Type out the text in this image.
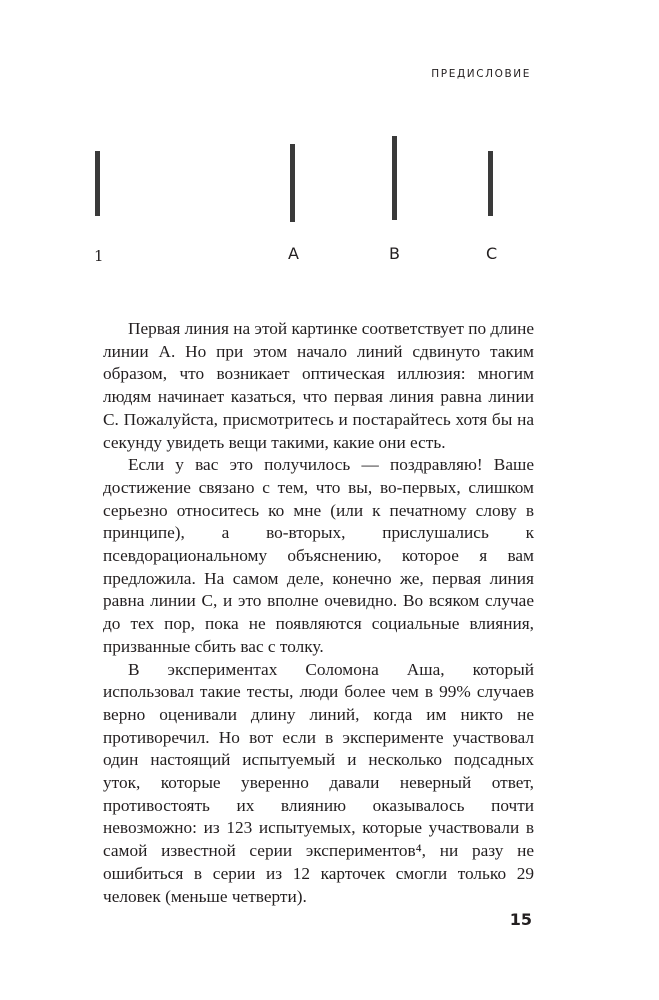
ПРЕДИСЛОВИЕ
1	A	B	C

Первая линия на этой картинке соответствует по длине линии А. Но при этом начало линий сдвинуто таким образом, что возникает оптическая иллюзия: многим людям начинает казаться, что первая линия равна линии С. Пожалуйста, присмотритесь и постарайтесь хотя бы на секунду увидеть вещи такими, какие они есть.

Если у вас это получилось — поздравляю! Ваше достижение связано с тем, что вы, во-первых, слишком серьезно относитесь ко мне (или к печатному слову в принципе), а во-вторых, прислушались к псевдорациональному объяснению, которое я вам предложила. На самом деле, конечно же, первая линия равна линии С, и это вполне очевидно. Во всяком случае до тех пор, пока не появляются социальные влияния, призванные сбить вас с толку.

В экспериментах Соломона Аша, который использовал такие тесты, люди более чем в 99% случаев верно оценивали длину линий, когда им никто не противоречил. Но вот если в эксперименте участвовал один настоящий испытуемый и несколько подсадных уток, которые уверенно давали неверный ответ, противостоять их влиянию оказывалось почти невозможно: из 123 испытуемых, которые участвовали в самой известной серии экспериментов⁴, ни разу не ошибиться в серии из 12 карточек смогли только 29 человек (меньше четверти).

15
